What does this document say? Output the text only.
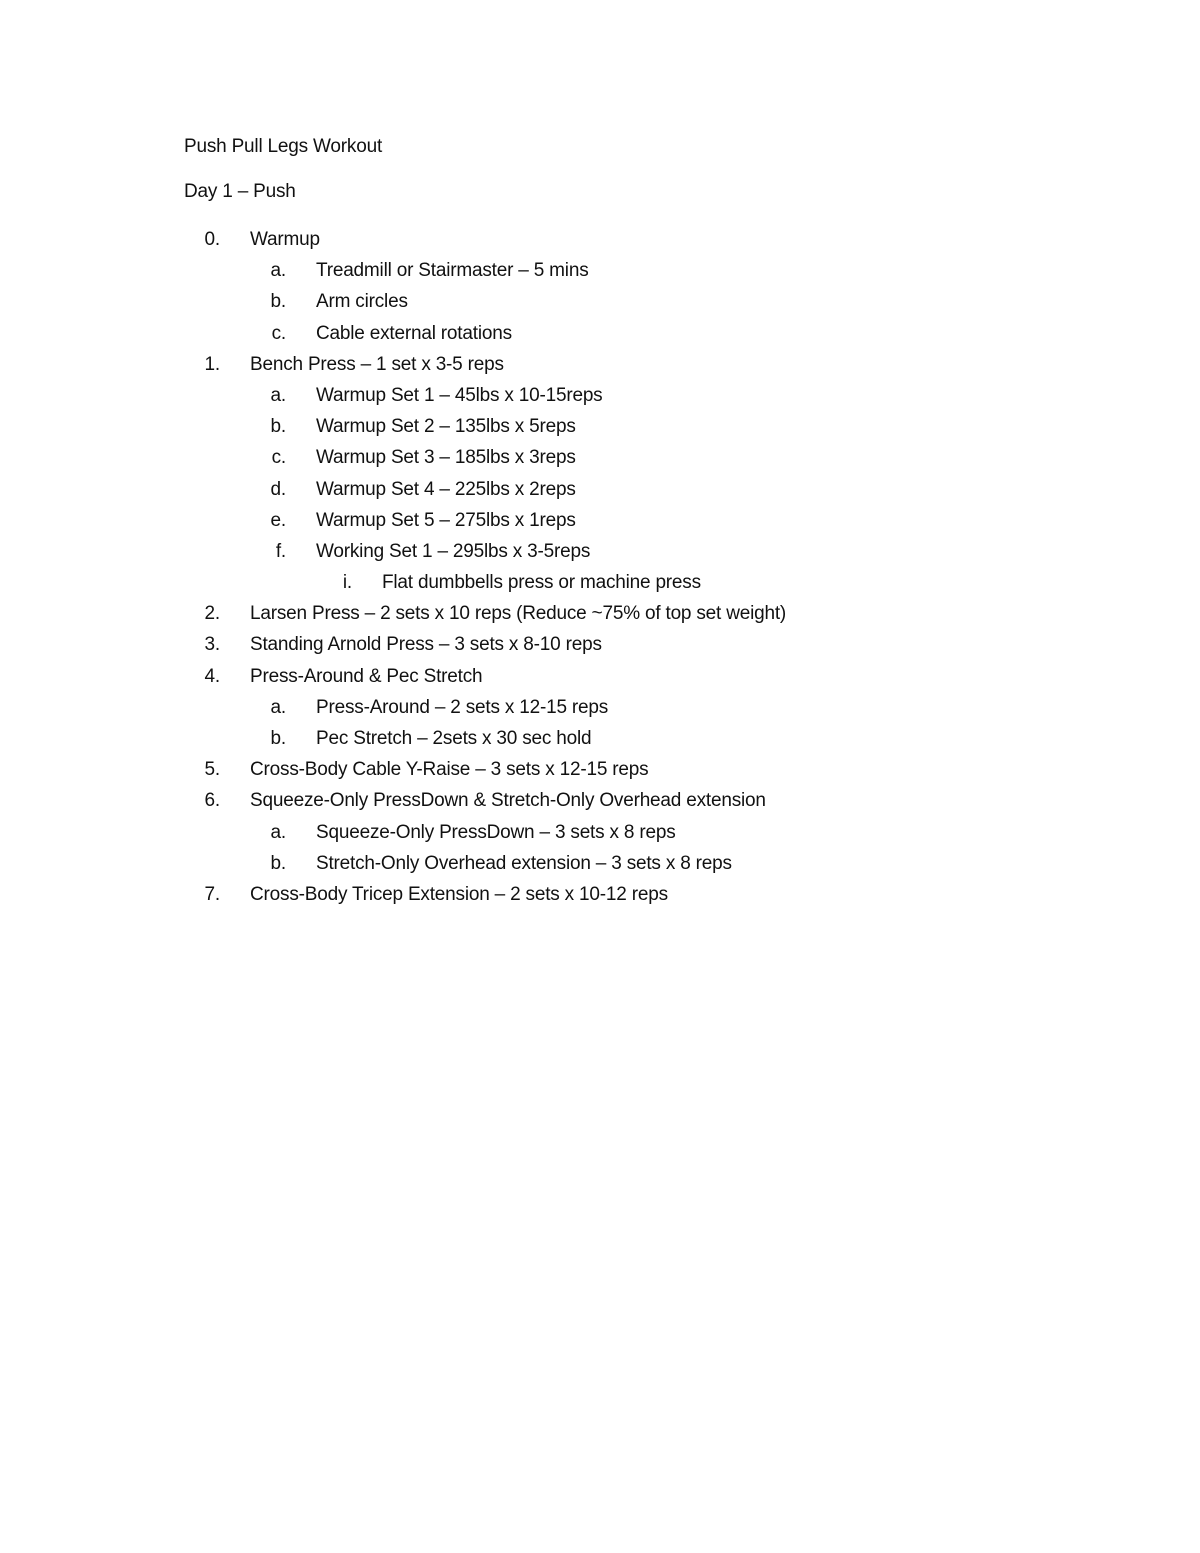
Push Pull Legs Workout
Day 1 – Push
0. Warmup
a. Treadmill or Stairmaster – 5 mins
b. Arm circles
c. Cable external rotations
1. Bench Press – 1 set x 3-5 reps
a. Warmup Set 1 – 45lbs x 10-15reps
b. Warmup Set 2 – 135lbs x 5reps
c. Warmup Set 3 – 185lbs x 3reps
d. Warmup Set 4 – 225lbs x 2reps
e. Warmup Set 5 – 275lbs x 1reps
f. Working Set 1 – 295lbs x 3-5reps
i. Flat dumbbells press or machine press
2. Larsen Press – 2 sets x 10 reps (Reduce ~75% of top set weight)
3. Standing Arnold Press – 3 sets x 8-10 reps
4. Press-Around & Pec Stretch
a. Press-Around – 2 sets x 12-15 reps
b. Pec Stretch – 2sets x 30 sec hold
5. Cross-Body Cable Y-Raise – 3 sets x 12-15 reps
6. Squeeze-Only PressDown & Stretch-Only Overhead extension
a. Squeeze-Only PressDown – 3 sets x 8 reps
b. Stretch-Only Overhead extension – 3 sets x 8 reps
7. Cross-Body Tricep Extension – 2 sets x 10-12 reps
